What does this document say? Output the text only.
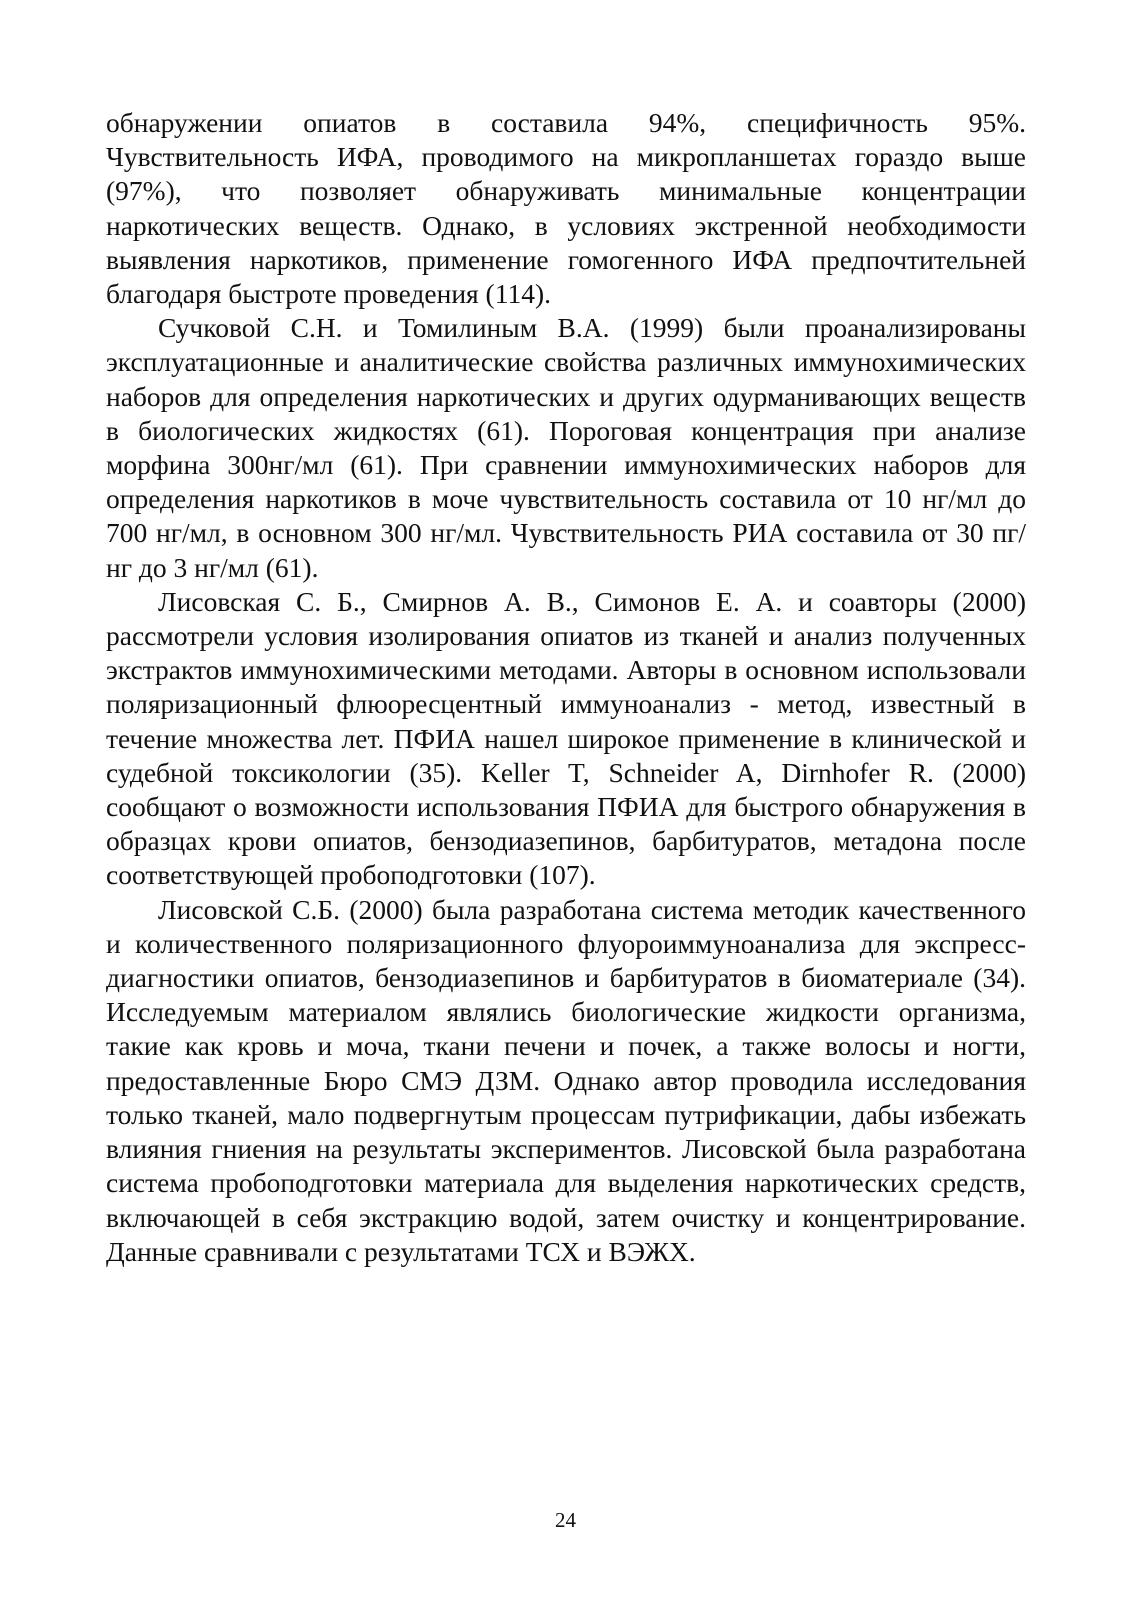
обнаружении опиатов в составила 94%, специфичность 95%. Чувствительность ИФА, проводимого на микропланшетах гораздо выше (97%), что позволяет обнаруживать минимальные концентрации наркотических веществ. Однако, в условиях экстренной необходимости выявления наркотиков, применение гомогенного ИФА предпочтительней благодаря быстроте проведения (114).

Сучковой С.Н. и Томилиным В.А. (1999) были проанализированы эксплуатационные и аналитические свойства различных иммунохимических наборов для определения наркотических и других одурманивающих веществ в биологических жидкостях (61). Пороговая концентрация при анализе морфина 300нг/мл (61). При сравнении иммунохимических наборов для определения наркотиков в моче чувствительность составила от 10 нг/мл до 700 нг/мл, в основном 300 нг/мл. Чувствительность РИА составила от 30 пг/нг до 3 нг/мл (61).

Лисовская С. Б., Смирнов А. В., Симонов Е. А. и соавторы (2000) рассмотрели условия изолирования опиатов из тканей и анализ полученных экстрактов иммунохимическими методами. Авторы в основном использовали поляризационный флюоресцентный иммуноанализ - метод, известный в течение множества лет. ПФИА нашел широкое применение в клинической и судебной токсикологии (35). Keller T, Schneider A, Dirnhofer R. (2000) сообщают о возможности использования ПФИА для быстрого обнаружения в образцах крови опиатов, бензодиазепинов, барбитуратов, метадона после соответствующей пробоподготовки (107).

Лисовской С.Б. (2000) была разработана система методик качественного и количественного поляризационного флуороиммуноанализа для экспресс-диагностики опиатов, бензодиазепинов и барбитуратов в биоматериале (34). Исследуемым материалом являлись биологические жидкости организма, такие как кровь и моча, ткани печени и почек, а также волосы и ногти, предоставленные Бюро СМЭ ДЗМ. Однако автор проводила исследования только тканей, мало подвергнутым процессам путрификации, дабы избежать влияния гниения на результаты экспериментов. Лисовской была разработана система пробоподготовки материала для выделения наркотических средств, включающей в себя экстракцию водой, затем очистку и концентрирование. Данные сравнивали с результатами ТСХ и ВЭЖХ.

24
